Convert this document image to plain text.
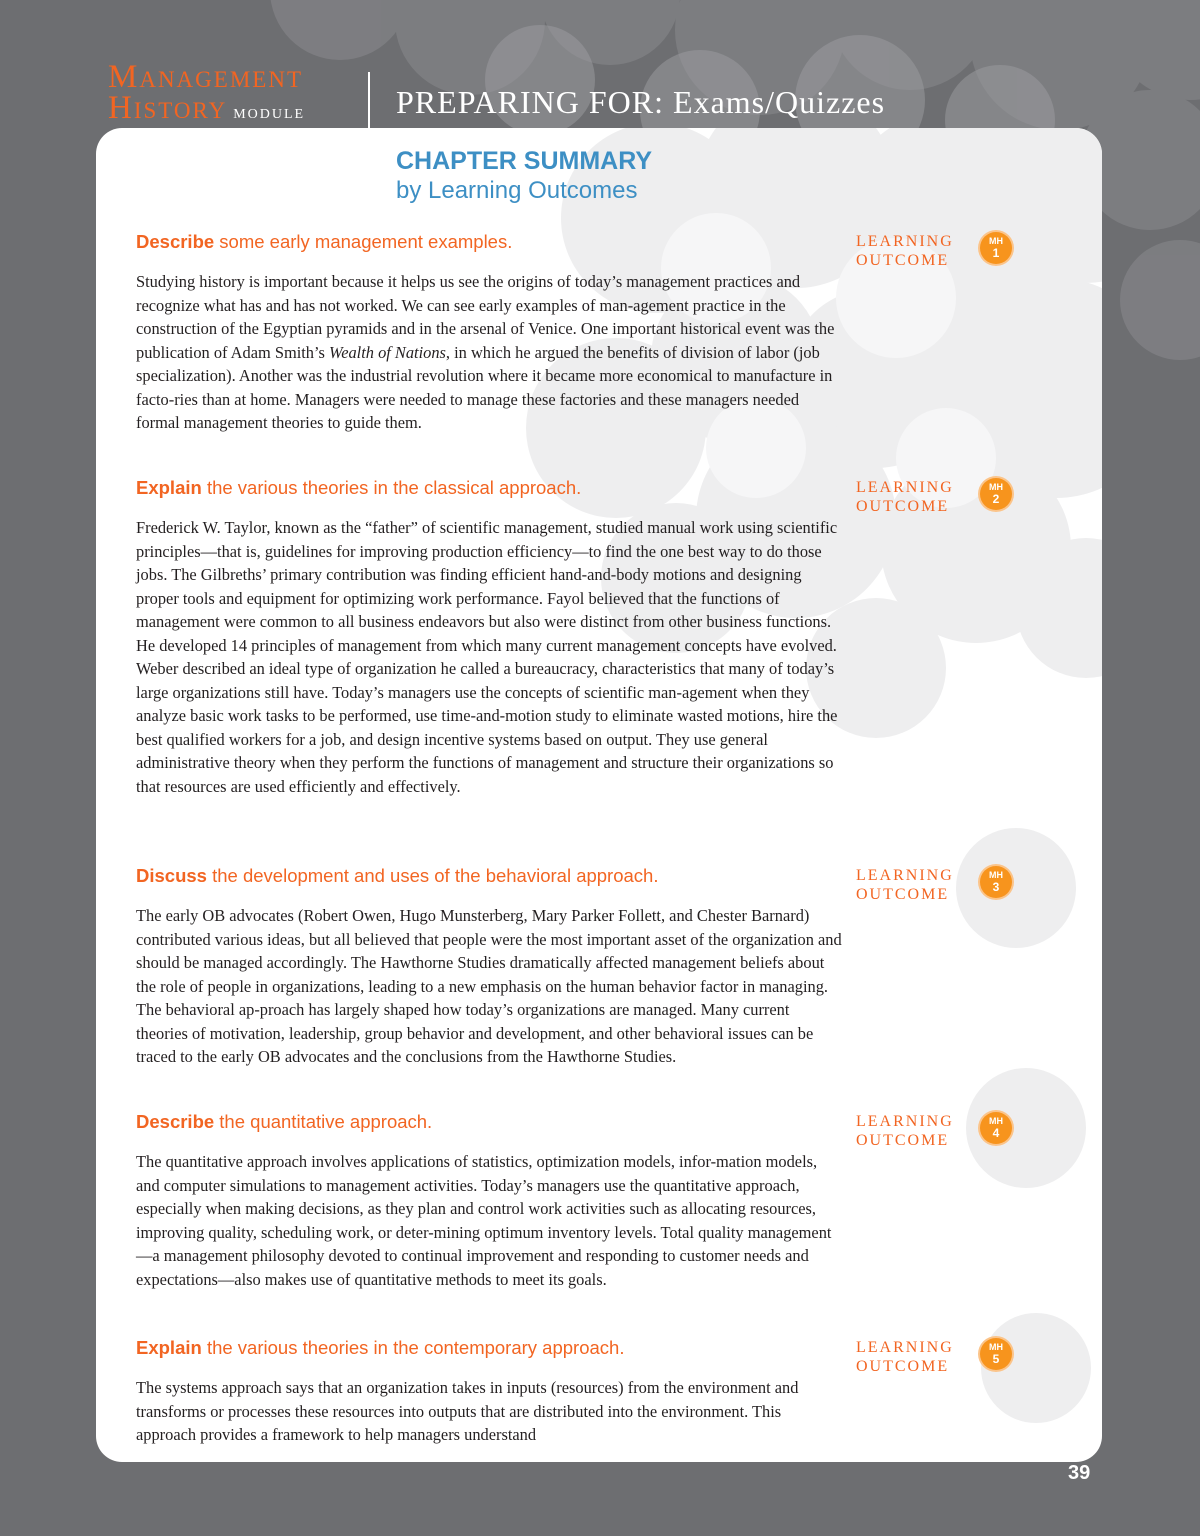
Management
History module	PREPARING FOR: Exams/Quizzes
CHAPTER SUMMARY
by Learning Outcomes
Describe some early management examples.

Studying history is important because it helps us see the origins of today’s management practices and recognize what has and has not worked. We can see early examples of man-agement practice in the construction of the Egyptian pyramids and in the arsenal of Venice. One important historical event was the publication of Adam Smith’s Wealth of Nations, in which he argued the benefits of division of labor (job specialization). Another was the industrial revolution where it became more economical to manufacture in facto-ries than at home. Managers were needed to manage these factories and these managers needed formal management theories to guide them.

LEARNING
OUTCOME
MH
1
Explain the various theories in the classical approach.

Frederick W. Taylor, known as the “father” of scientific management, studied manual work using scientific principles—that is, guidelines for improving production efficiency—to find the one best way to do those jobs. The Gilbreths’ primary contribution was finding efficient hand-and-body motions and designing proper tools and equipment for optimizing work performance. Fayol believed that the functions of management were common to all business endeavors but also were distinct from other business functions. He developed 14 principles of management from which many current management concepts have evolved. Weber described an ideal type of organization he called a bureaucracy, characteristics that many of today’s large organizations still have. Today’s managers use the concepts of scientific man-agement when they analyze basic work tasks to be performed, use time-and-motion study to eliminate wasted motions, hire the best qualified workers for a job, and design incentive systems based on output. They use general administrative theory when they perform the functions of management and structure their organizations so that resources are used efficiently and effectively.

LEARNING
OUTCOME
MH
2
Discuss the development and uses of the behavioral approach.

The early OB advocates (Robert Owen, Hugo Munsterberg, Mary Parker Follett, and Chester Barnard) contributed various ideas, but all believed that people were the most important asset of the organization and should be managed accordingly. The Hawthorne Studies dramatically affected management beliefs about the role of people in organizations, leading to a new emphasis on the human behavior factor in managing. The behavioral ap-proach has largely shaped how today’s organizations are managed. Many current theories of motivation, leadership, group behavior and development, and other behavioral issues can be traced to the early OB advocates and the conclusions from the Hawthorne Studies.

LEARNING
OUTCOME
MH
3
Describe the quantitative approach.

The quantitative approach involves applications of statistics, optimization models, infor-mation models, and computer simulations to management activities. Today’s managers use the quantitative approach, especially when making decisions, as they plan and control work activities such as allocating resources, improving quality, scheduling work, or deter-mining optimum inventory levels. Total quality management—a management philosophy devoted to continual improvement and responding to customer needs and expectations—also makes use of quantitative methods to meet its goals.

LEARNING
OUTCOME
MH
4
Explain the various theories in the contemporary approach.

The systems approach says that an organization takes in inputs (resources) from the environment and transforms or processes these resources into outputs that are distributed into the environment. This approach provides a framework to help managers understand

LEARNING
OUTCOME
MH
5
39
